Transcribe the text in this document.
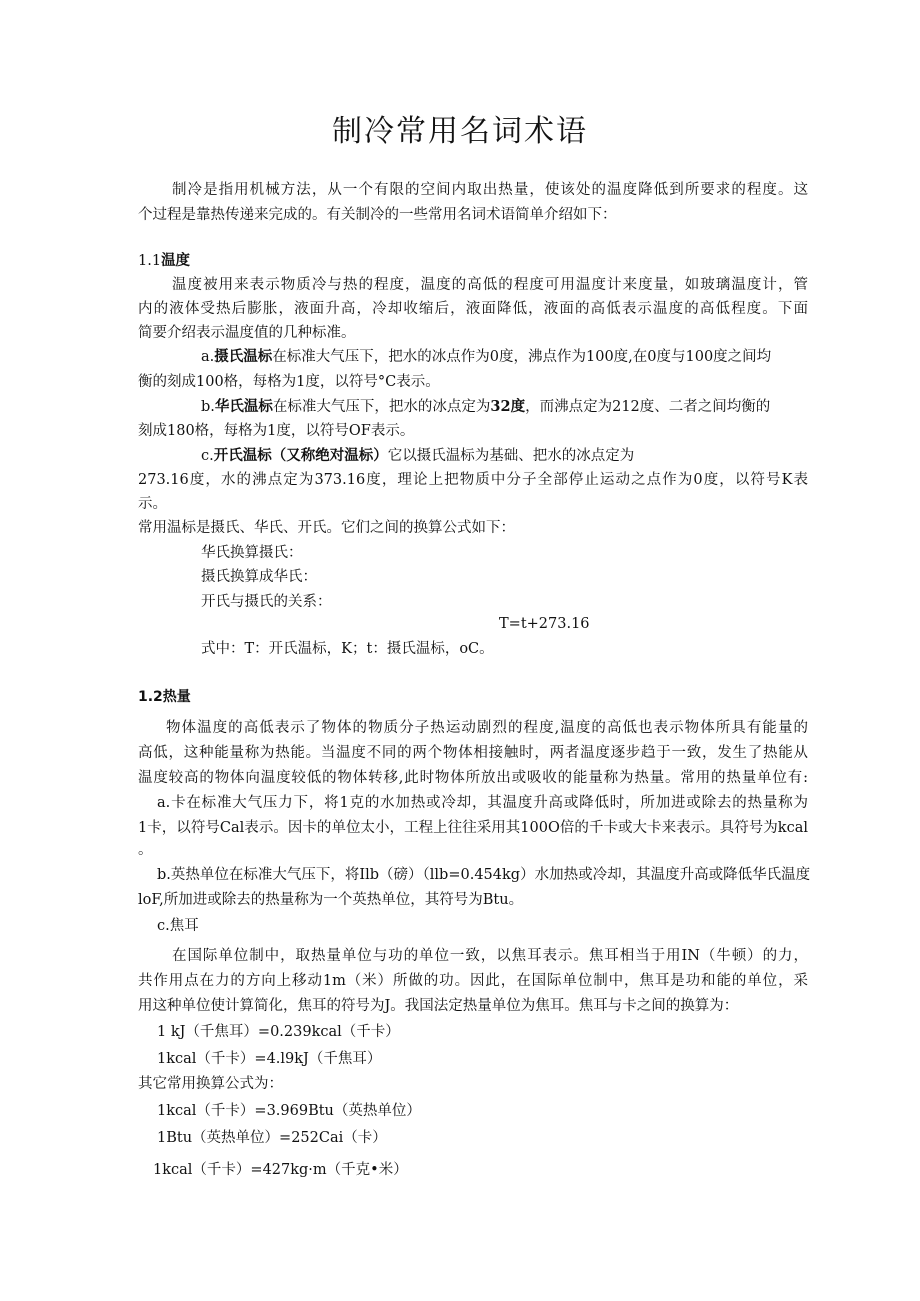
制冷常用名词术语
制冷是指用机械方法，从一个有限的空间内取出热量，使该处的温度降低到所要求的程度。这
个过程是靠热传递来完成的。有关制冷的一些常用名词术语简单介绍如下：
1.1温度
温度被用来表示物质冷与热的程度，温度的高低的程度可用温度计来度量，如玻璃温度计，管
内的液体受热后膨胀，液面升高，冷却收缩后，液面降低，液面的高低表示温度的高低程度。下面
简要介绍表示温度值的几种标准。
a.摄氏温标在标准大气压下，把水的冰点作为0度，沸点作为100度,在0度与100度之间均
衡的刻成100格，每格为1度，以符号°C表示。
b.华氏温标在标准大气压下，把水的冰点定为32度，而沸点定为212度、二者之间均衡的
刻成180格，每格为1度，以符号OF表示。
c.开氏温标（又称绝对温标）它以摄氏温标为基础、把水的冰点定为
273.16度，水的沸点定为373.16度，理论上把物质中分子全部停止运动之点作为0度，以符号K表
示。
常用温标是摄氏、华氏、开氏。它们之间的换算公式如下：
华氏换算摄氏：
摄氏换算成华氏：
开氏与摄氏的关系：
T=t+273.16
式中：T：开氏温标，K；t：摄氏温标，oC。
1.2热量
物体温度的高低表示了物体的物质分子热运动剧烈的程度,温度的高低也表示物体所具有能量的
高低，这种能量称为热能。当温度不同的两个物体相接触时，两者温度逐步趋于一致，发生了热能从
温度较高的物体向温度较低的物体转移,此时物体所放出或吸收的能量称为热量。常用的热量单位有:
a.卡在标准大气压力下，将1克的水加热或冷却，其温度升高或降低时，所加进或除去的热量称为
1卡，以符号Cal表示。因卡的单位太小，工程上往往采用其100O倍的千卡或大卡来表示。具符号为kcal
。
b.英热单位在标准大气压下，将Ilb（磅）（llb=0.454kg）水加热或冷却，其温度升高或降低华氏温度
loF,所加进或除去的热量称为一个英热单位，其符号为Btu。
c.焦耳
在国际单位制中，取热量单位与功的单位一致，以焦耳表示。焦耳相当于用IN（牛顿）的力，
共作用点在力的方向上移动1m（米）所做的功。因此，在国际单位制中，焦耳是功和能的单位，采
用这种单位使计算简化，焦耳的符号为J。我国法定热量单位为焦耳。焦耳与卡之间的换算为：
1 kJ（千焦耳）=0.239kcal（千卡）
1kcal（千卡）=4.l9kJ（千焦耳）
其它常用换算公式为：
1kcal（千卡）=3.969Btu（英热单位）
1Btu（英热单位）=252Cai（卡）
1kcal（千卡）=427kg·m（千克•米）
